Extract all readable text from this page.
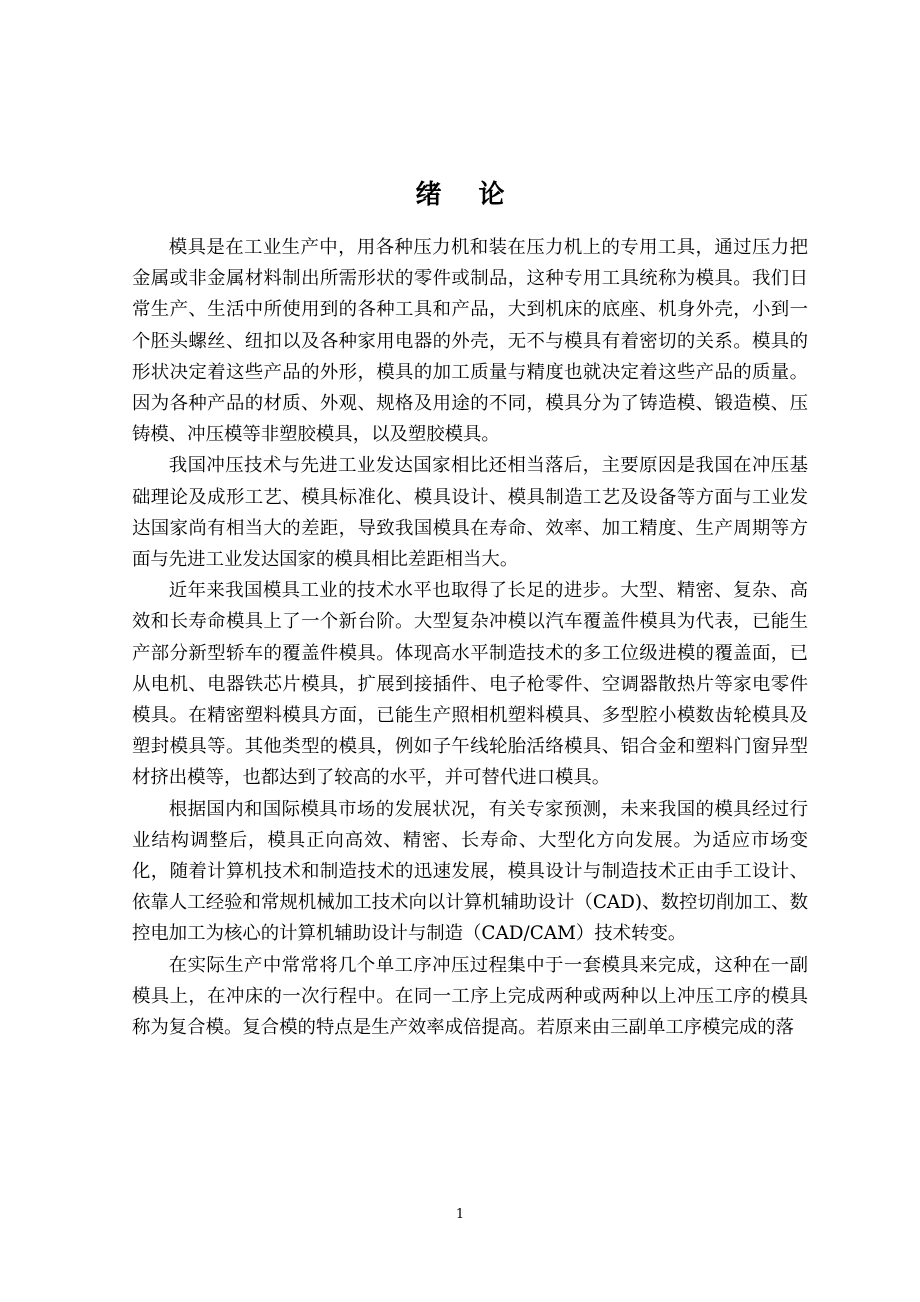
绪 论

模具是在工业生产中，用各种压力机和装在压力机上的专用工具，通过压力把金属或非金属材料制出所需形状的零件或制品，这种专用工具统称为模具。我们日常生产、生活中所使用到的各种工具和产品，大到机床的底座、机身外壳，小到一个胚头螺丝、纽扣以及各种家用电器的外壳，无不与模具有着密切的关系。模具的形状决定着这些产品的外形，模具的加工质量与精度也就决定着这些产品的质量。因为各种产品的材质、外观、规格及用途的不同，模具分为了铸造模、锻造模、压铸模、冲压模等非塑胶模具，以及塑胶模具。

我国冲压技术与先进工业发达国家相比还相当落后，主要原因是我国在冲压基础理论及成形工艺、模具标准化、模具设计、模具制造工艺及设备等方面与工业发达国家尚有相当大的差距，导致我国模具在寿命、效率、加工精度、生产周期等方面与先进工业发达国家的模具相比差距相当大。

近年来我国模具工业的技术水平也取得了长足的进步。大型、精密、复杂、高效和长寿命模具上了一个新台阶。大型复杂冲模以汽车覆盖件模具为代表，已能生产部分新型轿车的覆盖件模具。体现高水平制造技术的多工位级进模的覆盖面，已从电机、电器铁芯片模具，扩展到接插件、电子枪零件、空调器散热片等家电零件模具。在精密塑料模具方面，已能生产照相机塑料模具、多型腔小模数齿轮模具及塑封模具等。其他类型的模具，例如子午线轮胎活络模具、铝合金和塑料门窗异型材挤出模等，也都达到了较高的水平，并可替代进口模具。

根据国内和国际模具市场的发展状况，有关专家预测，未来我国的模具经过行业结构调整后，模具正向高效、精密、长寿命、大型化方向发展。为适应市场变化，随着计算机技术和制造技术的迅速发展，模具设计与制造技术正由手工设计、依靠人工经验和常规机械加工技术向以计算机辅助设计（CAD)、数控切削加工、数控电加工为核心的计算机辅助设计与制造（CAD/CAM）技术转变。

在实际生产中常常将几个单工序冲压过程集中于一套模具来完成，这种在一副模具上，在冲床的一次行程中。在同一工序上完成两种或两种以上冲压工序的模具称为复合模。复合模的特点是生产效率成倍提高。若原来由三副单工序模完成的落

1
